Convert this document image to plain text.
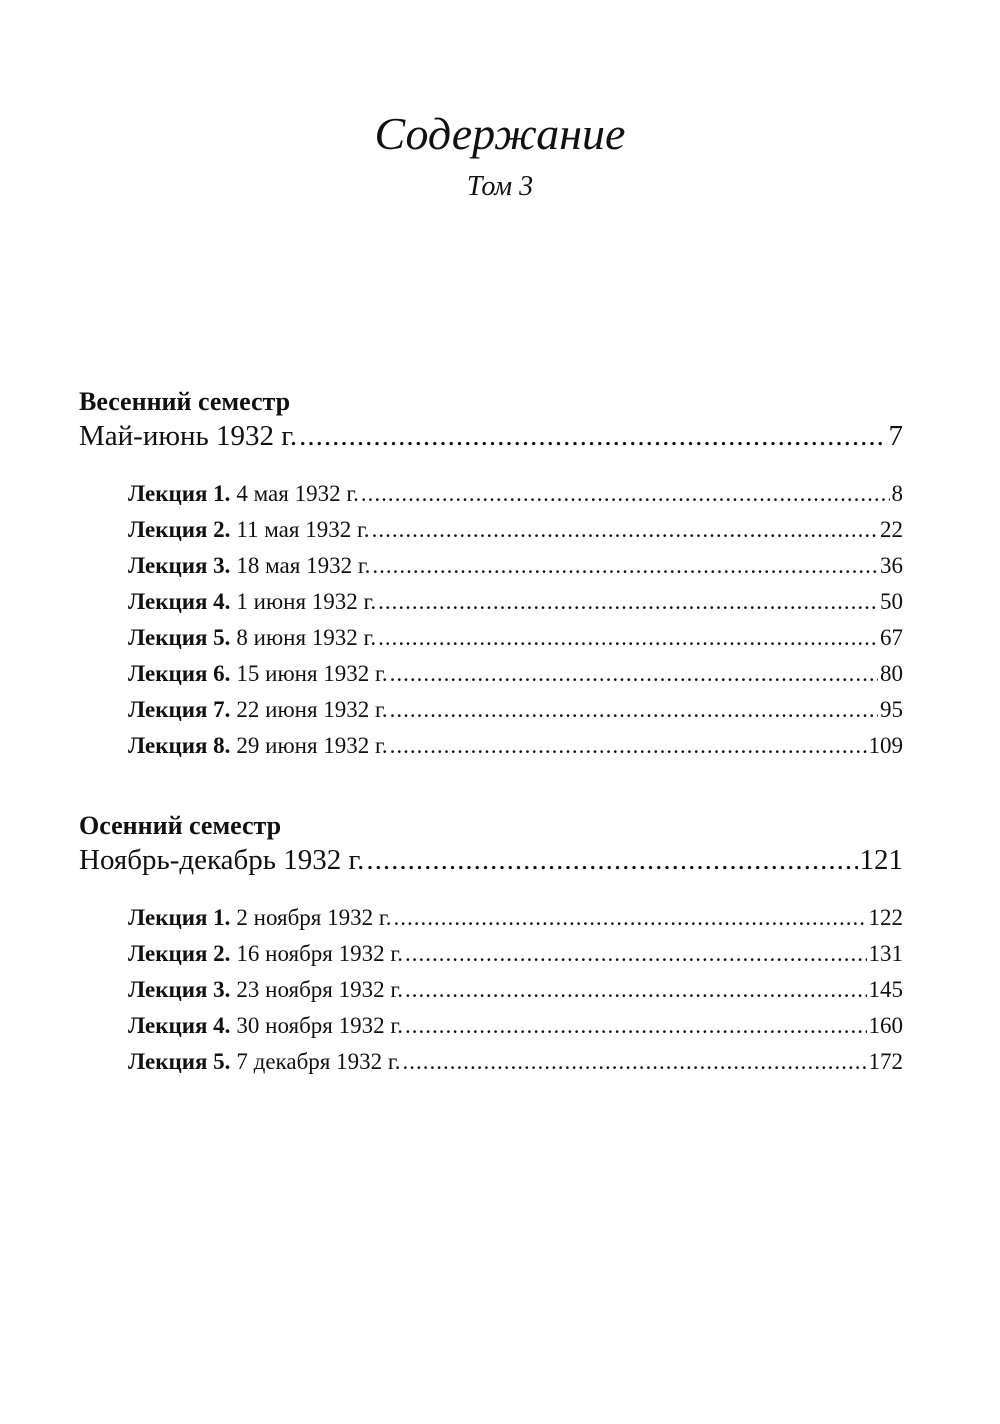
Содержание
Том 3
Весенний семестр
Май-июнь 1932 г. .....	7
Лекция 1. 4 мая 1932 г. .....	8
Лекция 2. 11 мая 1932 г. .....	22
Лекция 3. 18 мая 1932 г. .....	36
Лекция 4. 1 июня 1932 г. .....	50
Лекция 5. 8 июня 1932 г. .....	67
Лекция 6. 15 июня 1932 г. .....	80
Лекция 7. 22 июня 1932 г. .....	95
Лекция 8. 29 июня 1932 г. .....	109
Осенний семестр
Ноябрь-декабрь 1932 г. .....	121
Лекция 1. 2 ноября 1932 г. .....	122
Лекция 2. 16 ноября 1932 г. .....	131
Лекция 3. 23 ноября 1932 г. .....	145
Лекция 4. 30 ноября 1932 г. .....	160
Лекция 5. 7 декабря 1932 г. .....	172
